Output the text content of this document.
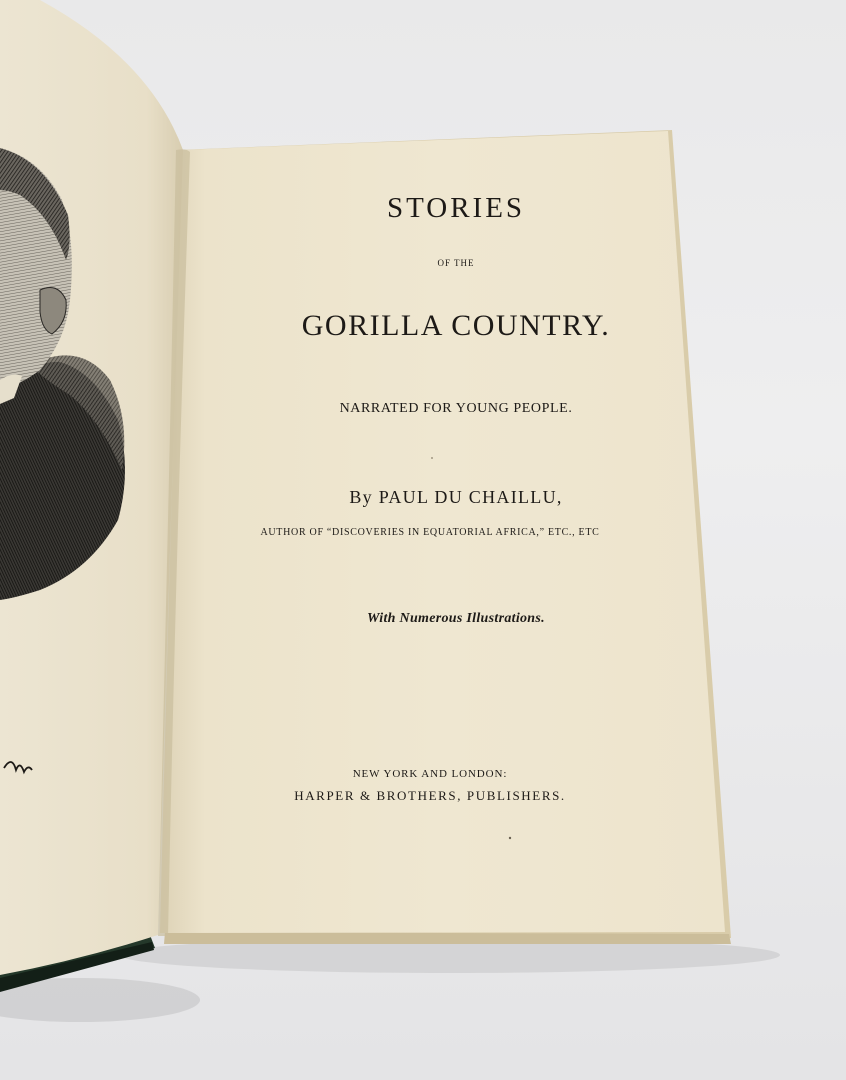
STORIES
OF THE
GORILLA COUNTRY.
NARRATED FOR YOUNG PEOPLE.
By PAUL DU CHAILLU,
AUTHOR OF “DISCOVERIES IN EQUATORIAL AFRICA,” ETC., ETC
With Numerous Illustrations.
NEW YORK AND LONDON:
HARPER & BROTHERS, PUBLISHERS.
